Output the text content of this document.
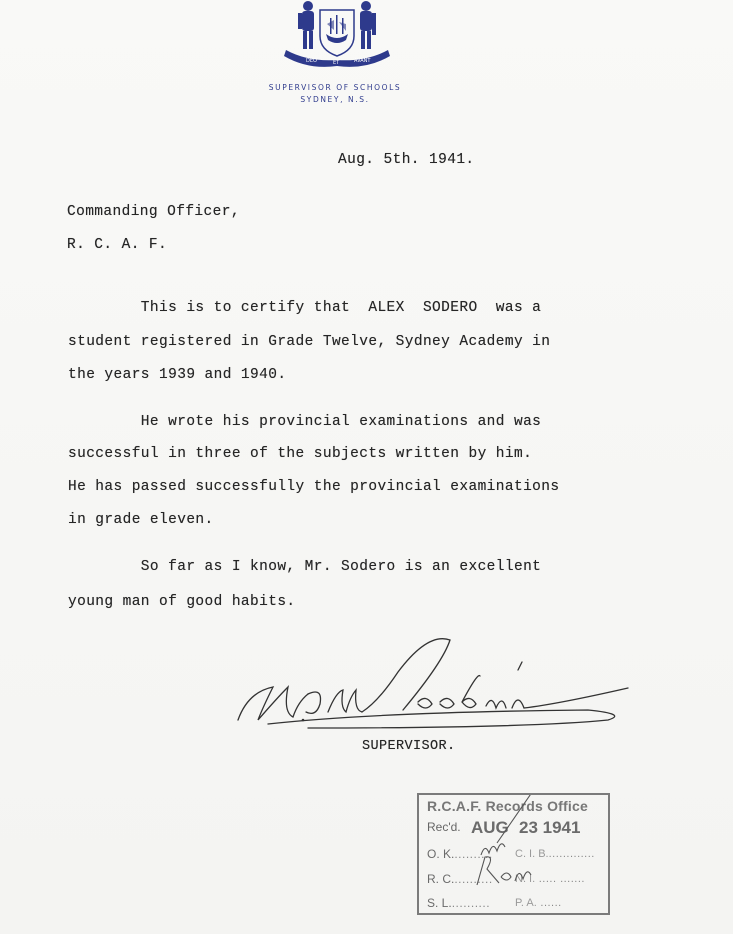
DEO	ET	AVANT
SUPERVISOR OF SCHOOLS
SYDNEY, N.S.
Aug. 5th. 1941.
Commanding Officer,
R. C. A. F.
This is to certify that  ALEX  SODERO  was a
student registered in Grade Twelve, Sydney Academy in
the years 1939 and 1940.
He wrote his provincial examinations and was
successful in three of the subjects written by him.
He has passed successfully the provincial examinations
in grade eleven.
So far as I know, Mr. Sodero is an excellent
young man of good habits.
SUPERVISOR.
R.C.A.F. Records Office
Rec'd. AUG 23 1941
O. K........... C. I. B..............
R. C........... N. I. ..... .......
S. L........... P. A. ......
